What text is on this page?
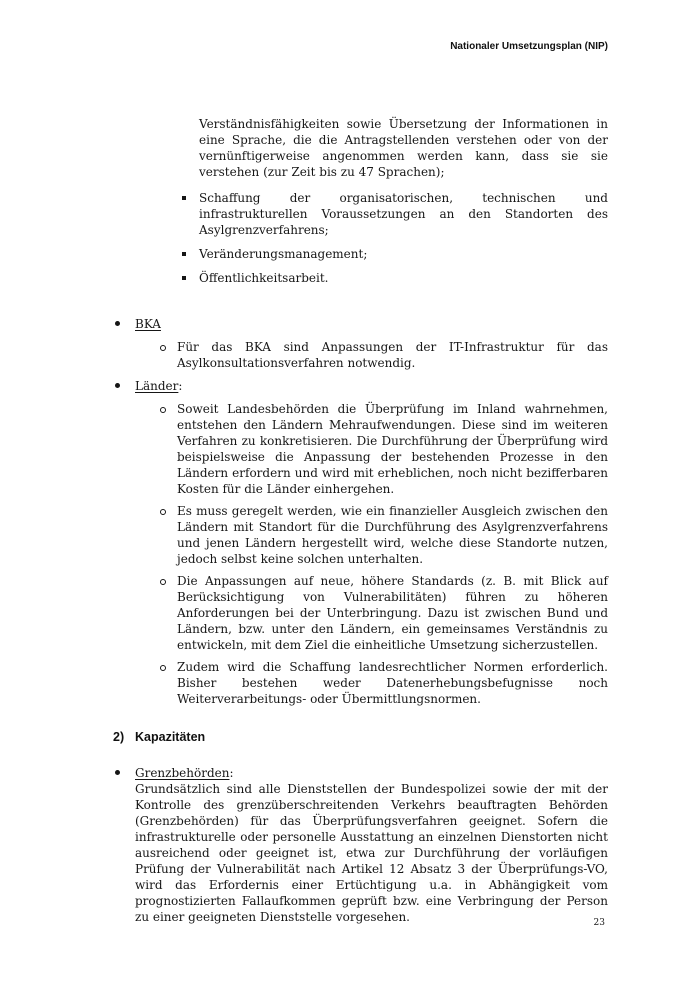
Nationaler Umsetzungsplan (NIP)

Verständnisfähigkeiten sowie Übersetzung der Informationen in eine Sprache, die die Antragstellenden verstehen oder von der vernünftigerweise angenommen werden kann, dass sie sie verstehen (zur Zeit bis zu 47 Sprachen);

Schaffung der organisatorischen, technischen und infrastrukturellen Voraussetzungen an den Standorten des Asylgrenzverfahrens;
Veränderungsmanagement;
Öffentlichkeitsarbeit.
BKA
Für das BKA sind Anpassungen der IT-Infrastruktur für das Asylkonsultationsverfahren notwendig.
Länder:
Soweit Landesbehörden die Überprüfung im Inland wahrnehmen, entstehen den Ländern Mehraufwendungen. Diese sind im weiteren Verfahren zu konkretisieren. Die Durchführung der Überprüfung wird beispielsweise die Anpassung der bestehenden Prozesse in den Ländern erfordern und wird mit erheblichen, noch nicht bezifferbaren Kosten für die Länder einhergehen.
Es muss geregelt werden, wie ein finanzieller Ausgleich zwischen den Ländern mit Standort für die Durchführung des Asylgrenzverfahrens und jenen Ländern hergestellt wird, welche diese Standorte nutzen, jedoch selbst keine solchen unterhalten.
Die Anpassungen auf neue, höhere Standards (z. B. mit Blick auf Berücksichtigung von Vulnerabilitäten) führen zu höheren Anforderungen bei der Unterbringung. Dazu ist zwischen Bund und Ländern, bzw. unter den Ländern, ein gemeinsames Verständnis zu entwickeln, mit dem Ziel die einheitliche Umsetzung sicherzustellen.
Zudem wird die Schaffung landesrechtlicher Normen erforderlich. Bisher bestehen weder Datenerhebungsbefugnisse noch Weiterverarbeitungs- oder Übermittlungsnormen.
2) Kapazitäten
Grenzbehörden:
Grundsätzlich sind alle Dienststellen der Bundespolizei sowie der mit der Kontrolle des grenzüberschreitenden Verkehrs beauftragten Behörden (Grenzbehörden) für das Überprüfungsverfahren geeignet. Sofern die infrastrukturelle oder personelle Ausstattung an einzelnen Dienstorten nicht ausreichend oder geeignet ist, etwa zur Durchführung der vorläufigen Prüfung der Vulnerabilität nach Artikel 12 Absatz 3 der Überprüfungs-VO, wird das Erfordernis einer Ertüchtigung u.a. in Abhängigkeit vom prognostizierten Fallaufkommen geprüft bzw. eine Verbringung der Person zu einer geeigneten Dienststelle vorgesehen.	23
